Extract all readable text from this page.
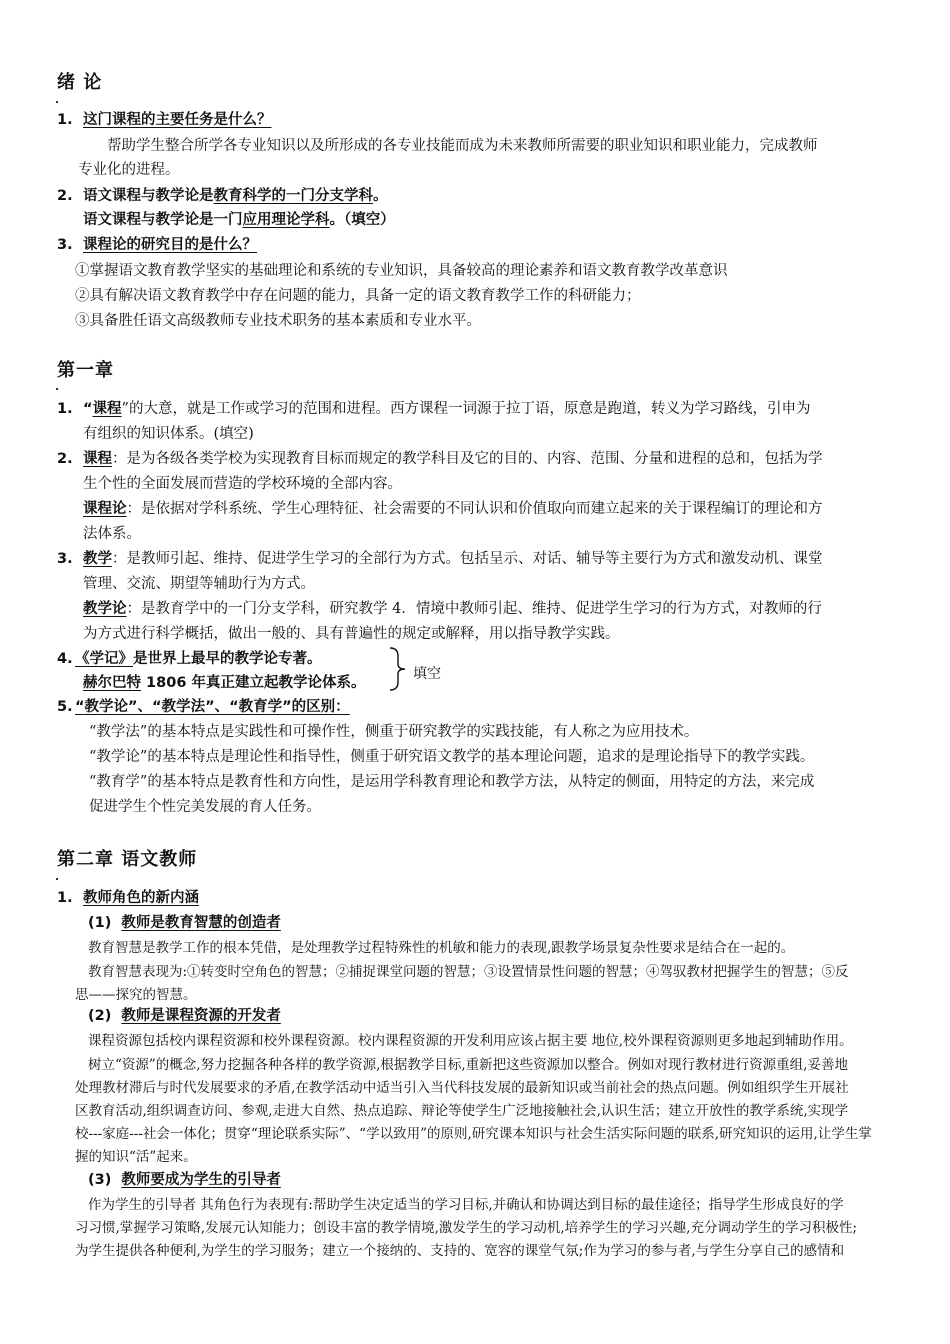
绪 论
1. 这门课程的主要任务是什么？
帮助学生整合所学各专业知识以及所形成的各专业技能而成为未来教师所需要的职业知识和职业能力，完成教师
专业化的进程。
2. 语文课程与教学论是教育科学的一门分支学科。
语文课程与教学论是一门应用理论学科。（填空）
3. 课程论的研究目的是什么？
①掌握语文教育教学坚实的基础理论和系统的专业知识，具备较高的理论素养和语文教育教学改革意识
②具有解决语文教育教学中存在问题的能力，具备一定的语文教育教学工作的科研能力；
③具备胜任语文高级教师专业技术职务的基本素质和专业水平。
第一章
1. “课程”的大意，就是工作或学习的范围和进程。西方课程一词源于拉丁语，原意是跑道，转义为学习路线，引申为
有组织的知识体系。(填空)
2. 课程：是为各级各类学校为实现教育目标而规定的教学科目及它的目的、内容、范围、分量和进程的总和，包括为学
生个性的全面发展而营造的学校环境的全部内容。
课程论：是依据对学科系统、学生心理特征、社会需要的不同认识和价值取向而建立起来的关于课程编订的理论和方
法体系。
3. 教学：是教师引起、维持、促进学生学习的全部行为方式。包括呈示、对话、辅导等主要行为方式和激发动机、课堂
管理、交流、期望等辅助行为方式。
教学论：是教育学中的一门分支学科，研究教学 4．情境中教师引起、维持、促进学生学习的行为方式，对教师的行
为方式进行科学概括，做出一般的、具有普遍性的规定或解释，用以指导教学实践。
4. 《学记》是世界上最早的教学论专著。
赫尔巴特 1806 年真正建立起教学论体系。
填空
5. “教学论”、“教学法”、“教育学”的区别：
“教学法”的基本特点是实践性和可操作性，侧重于研究教学的实践技能，有人称之为应用技术。
“教学论”的基本特点是理论性和指导性，侧重于研究语文教学的基本理论问题，追求的是理论指导下的教学实践。
“教育学”的基本特点是教育性和方向性，是运用学科教育理论和教学方法，从特定的侧面，用特定的方法，来完成
促进学生个性完美发展的育人任务。
第二章 语文教师
1. 教师角色的新内涵
(1) 教师是教育智慧的创造者
教育智慧是教学工作的根本凭借，是处理教学过程特殊性的机敏和能力的表现,跟教学场景复杂性要求是结合在一起的。
教育智慧表现为:①转变时空角色的智慧；②捕捉课堂问题的智慧；③设置情景性问题的智慧；④驾驭教材把握学生的智慧；⑤反
思——探究的智慧。
(2) 教师是课程资源的开发者
课程资源包括校内课程资源和校外课程资源。校内课程资源的开发利用应该占据主要 地位,校外课程资源则更多地起到辅助作用。
树立“资源”的概念,努力挖掘各种各样的教学资源,根据教学目标,重新把这些资源加以整合。例如对现行教材进行资源重组,妥善地
处理教材滞后与时代发展要求的矛盾,在教学活动中适当引入当代科技发展的最新知识或当前社会的热点问题。例如组织学生开展社
区教育活动,组织调查访问、参观,走进大自然、热点追踪、辩论等使学生广泛地接触社会,认识生活；建立开放性的教学系统,实现学
校---家庭---社会一体化；贯穿“理论联系实际”、“学以致用”的原则,研究课本知识与社会生活实际问题的联系,研究知识的运用,让学生掌
握的知识“活”起来。
(3) 教师要成为学生的引导者
作为学生的引导者 其角色行为表现有:帮助学生决定适当的学习目标,并确认和协调达到目标的最佳途径；指导学生形成良好的学
习习惯,掌握学习策略,发展元认知能力；创设丰富的教学情境,激发学生的学习动机,培养学生的学习兴趣,充分调动学生的学习积极性;
为学生提供各种便利,为学生的学习服务；建立一个接纳的、支持的、宽容的课堂气氛;作为学习的参与者,与学生分享自己的感情和
